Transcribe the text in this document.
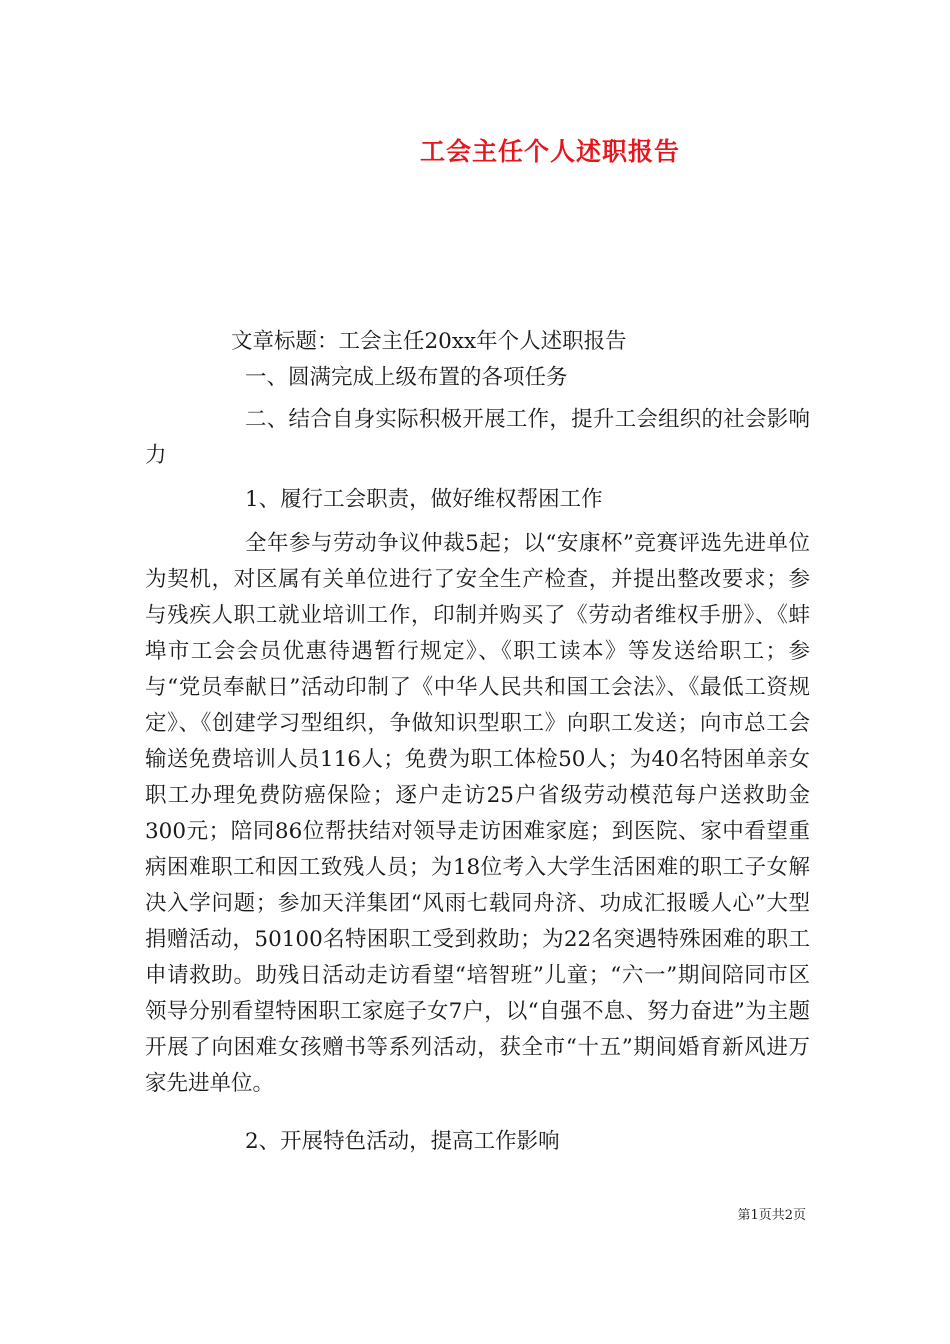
工会主任个人述职报告

文章标题：工会主任20xx年个人述职报告

一、圆满完成上级布置的各项任务

二、结合自身实际积极开展工作，提升工会组织的社会影响力

1、履行工会职责，做好维权帮困工作

全年参与劳动争议仲裁5起；以“安康杯”竞赛评选先进单位为契机，对区属有关单位进行了安全生产检查，并提出整改要求；参与残疾人职工就业培训工作，印制并购买了《劳动者维权手册》、《蚌埠市工会会员优惠待遇暂行规定》、《职工读本》等发送给职工；参与“党员奉献日”活动印制了《中华人民共和国工会法》、《最低工资规定》、《创建学习型组织，争做知识型职工》向职工发送；向市总工会输送免费培训人员116人；免费为职工体检50人；为40名特困单亲女职工办理免费防癌保险；逐户走访25户省级劳动模范每户送救助金300元；陪同86位帮扶结对领导走访困难家庭；到医院、家中看望重病困难职工和因工致残人员；为18位考入大学生活困难的职工子女解决入学问题；参加天洋集团“风雨七载同舟济、功成汇报暖人心”大型捐赠活动，50100名特困职工受到救助；为22名突遇特殊困难的职工申请救助。助残日活动走访看望“培智班”儿童；“六一”期间陪同市区领导分别看望特困职工家庭子女7户，以“自强不息、努力奋进”为主题开展了向困难女孩赠书等系列活动，获全市“十五”期间婚育新风进万家先进单位。

2、开展特色活动，提高工作影响

第1页共2页
